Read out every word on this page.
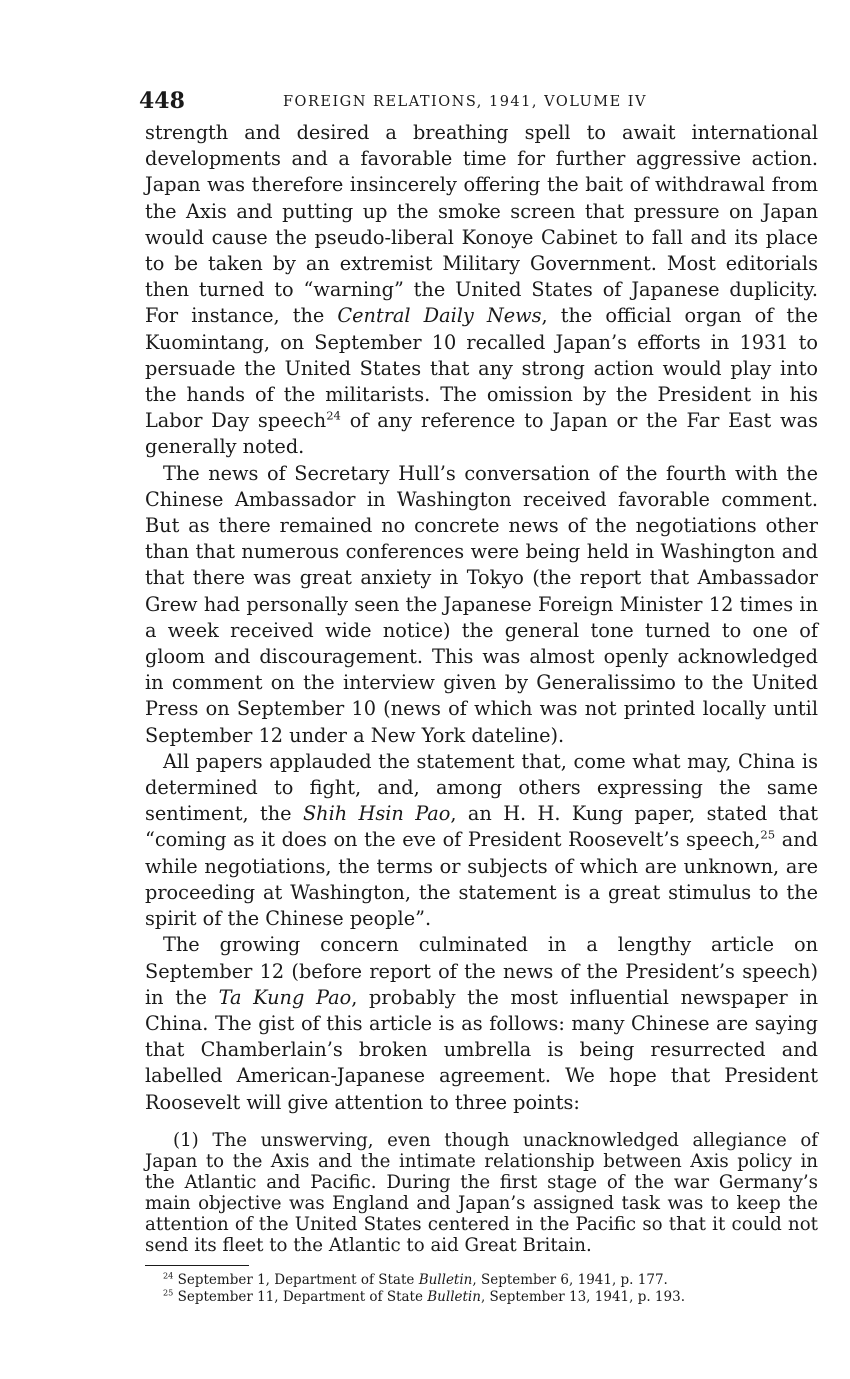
448	FOREIGN RELATIONS, 1941, VOLUME IV

strength and desired a breathing spell to await international developments and a favorable time for further aggressive action. Japan was therefore insincerely offering the bait of withdrawal from the Axis and putting up the smoke screen that pressure on Japan would cause the pseudo-liberal Konoye Cabinet to fall and its place to be taken by an extremist Military Government. Most editorials then turned to “warning” the United States of Japanese duplicity. For instance, the Central Daily News, the official organ of the Kuomintang, on September 10 recalled Japan’s efforts in 1931 to persuade the United States that any strong action would play into the hands of the militarists. The omission by the President in his Labor Day speech$^{24}$ of any reference to Japan or the Far East was generally noted.

The news of Secretary Hull’s conversation of the fourth with the Chinese Ambassador in Washington received favorable comment. But as there remained no concrete news of the negotiations other than that numerous conferences were being held in Washington and that there was great anxiety in Tokyo (the report that Ambassador Grew had personally seen the Japanese Foreign Minister 12 times in a week received wide notice) the general tone turned to one of gloom and discouragement. This was almost openly acknowledged in comment on the interview given by Generalissimo to the United Press on September 10 (news of which was not printed locally until September 12 under a New York dateline).

All papers applauded the statement that, come what may, China is determined to fight, and, among others expressing the same sentiment, the Shih Hsin Pao, an H. H. Kung paper, stated that “coming as it does on the eve of President Roosevelt’s speech,$^{25}$ and while negotiations, the terms or subjects of which are unknown, are proceeding at Washington, the statement is a great stimulus to the spirit of the Chinese people”.

The growing concern culminated in a lengthy article on September 12 (before report of the news of the President’s speech) in the Ta Kung Pao, probably the most influential newspaper in China. The gist of this article is as follows: many Chinese are saying that Chamberlain’s broken umbrella is being resurrected and labelled American-Japanese agreement. We hope that President Roosevelt will give attention to three points:

(1) The unswerving, even though unacknowledged allegiance of Japan to the Axis and the intimate relationship between Axis policy in the Atlantic and Pacific. During the first stage of the war Germany’s main objective was England and Japan’s assigned task was to keep the attention of the United States centered in the Pacific so that it could not send its fleet to the Atlantic to aid Great Britain.

$^{24}$ September 1, Department of State Bulletin, September 6, 1941, p. 177.

$^{25}$ September 11, Department of State Bulletin, September 13, 1941, p. 193.
